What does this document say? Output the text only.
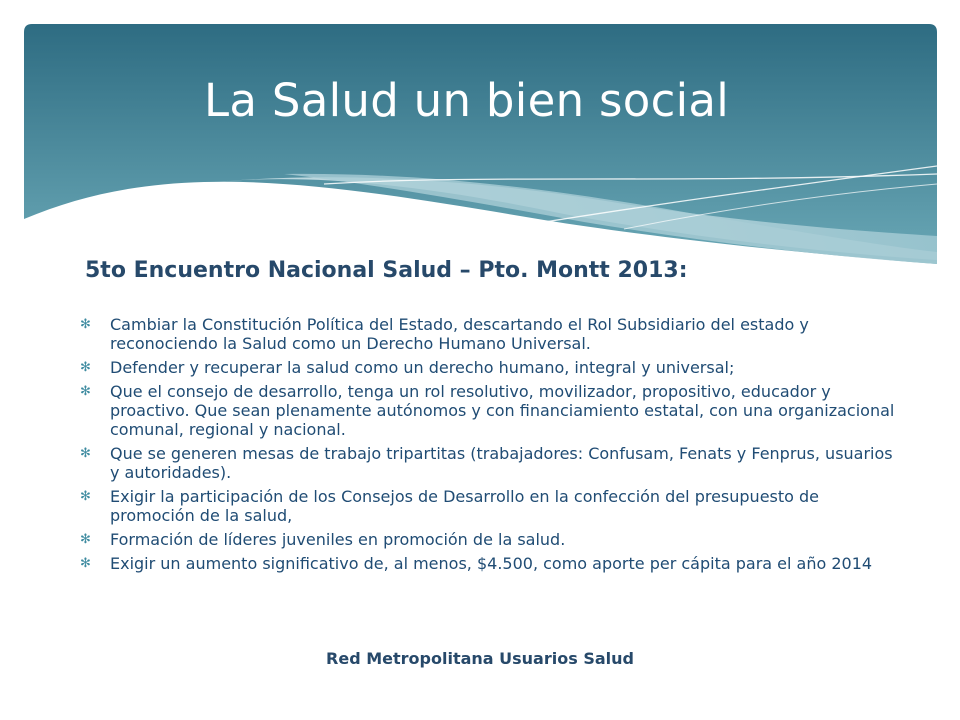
La Salud un bien social
5to Encuentro Nacional Salud – Pto. Montt 2013:
✻ Cambiar la Constitución Política del Estado, descartando el Rol Subsidiario del estado y reconociendo la Salud como un Derecho Humano Universal.
✻ Defender y recuperar la salud como un derecho humano, integral y universal;
✻ Que el consejo de desarrollo, tenga un rol resolutivo, movilizador, propositivo, educador y proactivo. Que sean plenamente autónomos y con financiamiento estatal, con una organizacional comunal, regional y nacional.
✻ Que se generen mesas de trabajo tripartitas (trabajadores: Confusam, Fenats y Fenprus, usuarios y autoridades).
✻ Exigir la participación de los Consejos de Desarrollo en la confección del presupuesto de promoción de la salud,
✻ Formación de líderes juveniles en promoción de la salud.
✻ Exigir un aumento significativo de, al menos, $4.500, como aporte per cápita para el año 2014

Red Metropolitana Usuarios Salud
